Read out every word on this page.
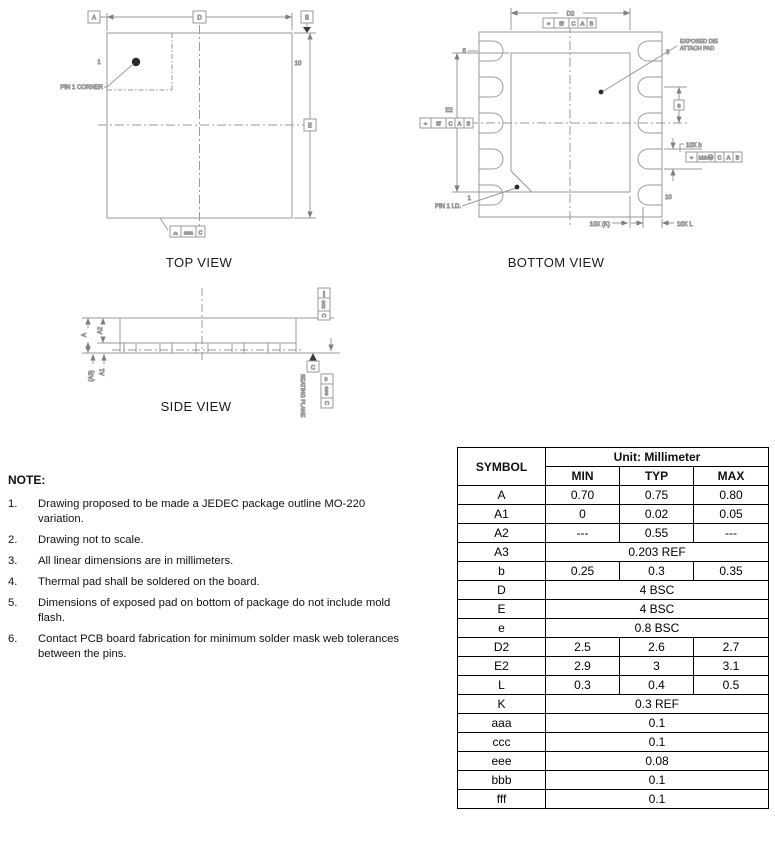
PIN 1 CORNER
1	10
A	D	B
E
⌓ aaa C
D2
⌖ fff C A B
E2
⌖ fff C A B
5	6
1	10
EXPOSED DIE
ATTACH PAD
e
10X b
⌖ bbbⓂ C A B
PIN 1 I.D.
10X (K)	10X L
A
A2
A1
(A3)
∥
ccc
C
C
⌓
eee
C
SEATING PLANE
TOP VIEW	BOTTOM VIEW
SIDE VIEW
NOTE:
1.	Drawing proposed to be made a JEDEC package outline MO-220 variation.
2.	Drawing not to scale.
3.	All linear dimensions are in millimeters.
4.	Thermal pad shall be soldered on the board.
5.	Dimensions of exposed pad on bottom of package do not include mold flash.
6.	Contact PCB board fabrication for minimum solder mask web tolerances between the pins.
SYMBOL	Unit: Millimeter		
	MIN	TYP	MAX
A	0.70	0.75	0.80
A1	0	0.02	0.05
A2	---	0.55	---
A3	0.203 REF		
b	0.25	0.3	0.35
D	4 BSC		
E	4 BSC		
e	0.8 BSC		
D2	2.5	2.6	2.7
E2	2.9	3	3.1
L	0.3	0.4	0.5
K	0.3 REF		
aaa	0.1		
ccc	0.1		
eee	0.08		
bbb	0.1		
fff	0.1		
